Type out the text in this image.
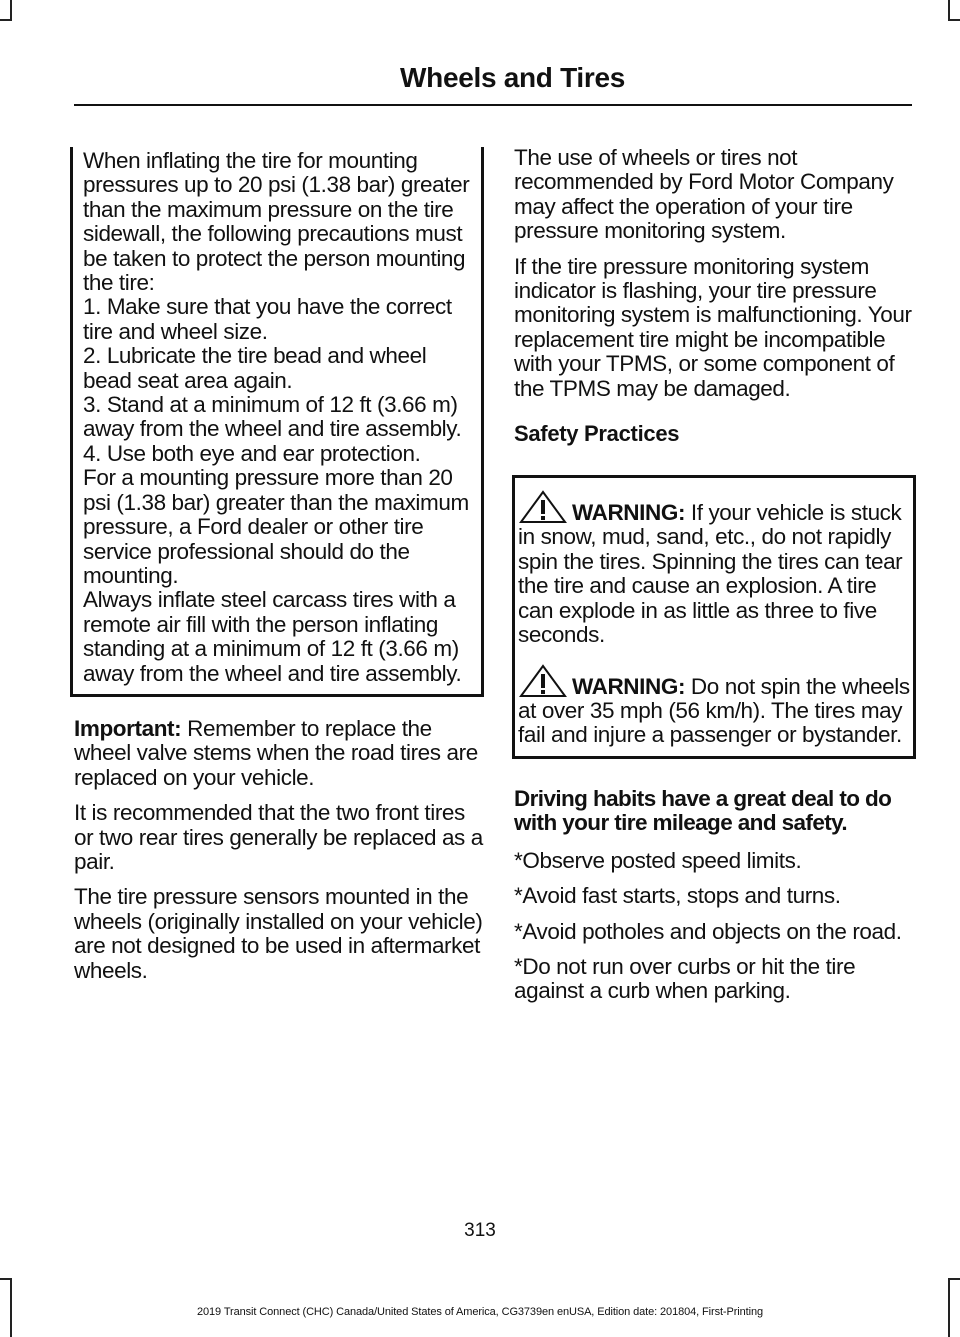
Wheels and Tires

When inflating the tire for mounting pressures up to 20 psi (1.38 bar) greater than the maximum pressure on the tire sidewall, the following precautions must be taken to protect the person mounting the tire:

1. Make sure that you have the correct tire and wheel size.

2. Lubricate the tire bead and wheel bead seat area again.

3. Stand at a minimum of 12 ft (3.66 m) away from the wheel and tire assembly.

4. Use both eye and ear protection.

For a mounting pressure more than 20 psi (1.38 bar) greater than the maximum pressure, a Ford dealer or other tire service professional should do the mounting.

Always inflate steel carcass tires with a remote air fill with the person inflating standing at a minimum of 12 ft (3.66 m) away from the wheel and tire assembly.

Important: Remember to replace the wheel valve stems when the road tires are replaced on your vehicle.

It is recommended that the two front tires or two rear tires generally be replaced as a pair.

The tire pressure sensors mounted in the wheels (originally installed on your vehicle) are not designed to be used in aftermarket wheels.

The use of wheels or tires not recommended by Ford Motor Company may affect the operation of your tire pressure monitoring system.

If the tire pressure monitoring system indicator is flashing, your tire pressure monitoring system is malfunctioning. Your replacement tire might be incompatible with your TPMS, or some component of the TPMS may be damaged.

Safety Practices

WARNING: If your vehicle is stuck in snow, mud, sand, etc., do not rapidly spin the tires. Spinning the tires can tear the tire and cause an explosion. A tire can explode in as little as three to five seconds.

WARNING: Do not spin the wheels at over 35 mph (56 km/h). The tires may fail and injure a passenger or bystander.

Driving habits have a great deal to do with your tire mileage and safety.

*Observe posted speed limits.

*Avoid fast starts, stops and turns.

*Avoid potholes and objects on the road.

*Do not run over curbs or hit the tire against a curb when parking.

313

2019 Transit Connect (CHC) Canada/United States of America, CG3739en enUSA, Edition date: 201804, First-Printing
